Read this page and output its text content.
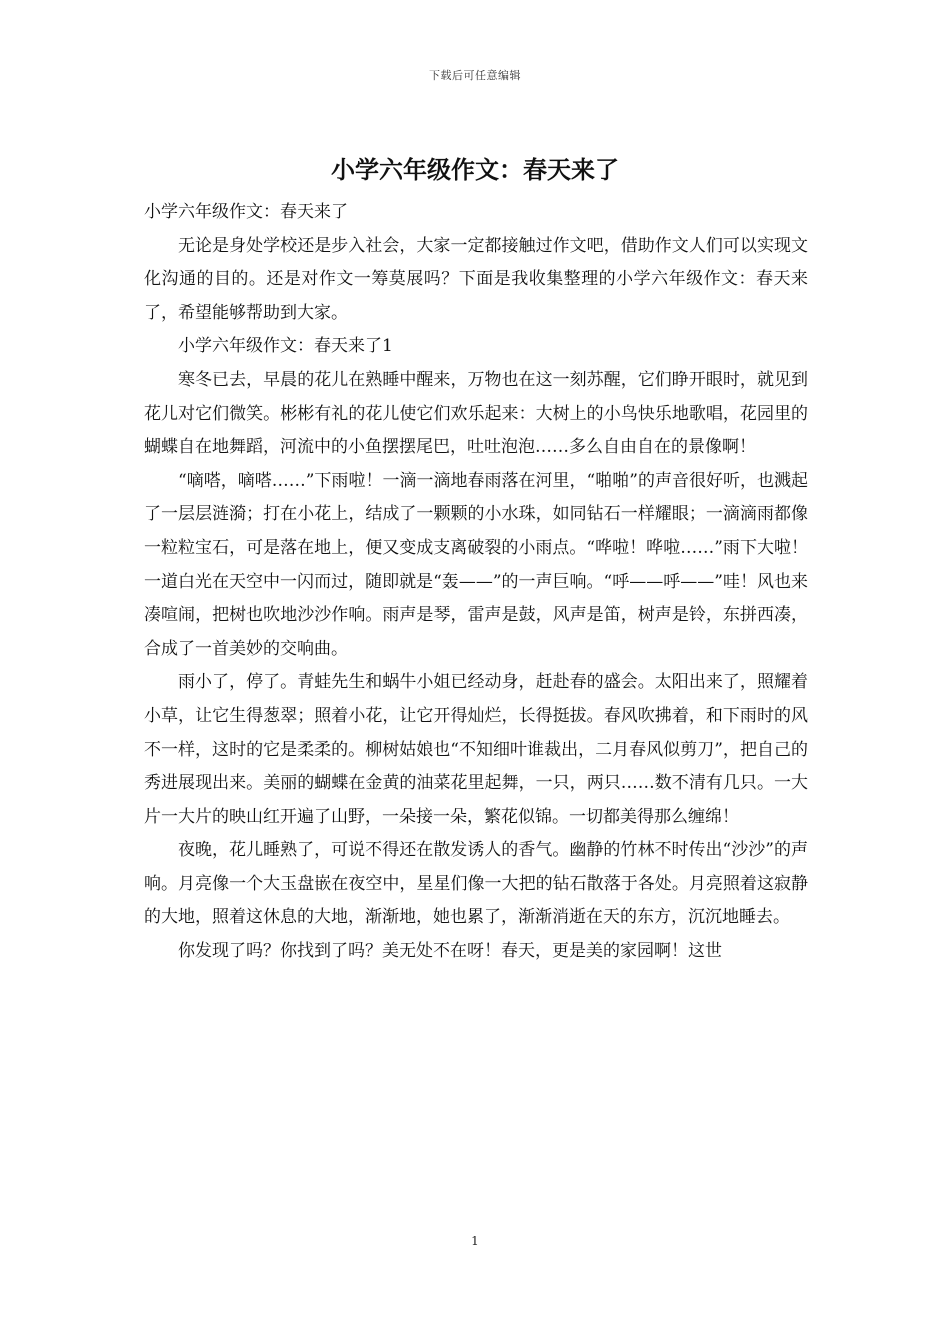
下载后可任意编辑
小学六年级作文：春天来了

小学六年级作文：春天来了

无论是身处学校还是步入社会，大家一定都接触过作文吧，借助作文人们可以实现文化沟通的目的。还是对作文一筹莫展吗？下面是我收集整理的小学六年级作文：春天来了，希望能够帮助到大家。

小学六年级作文：春天来了1

寒冬已去，早晨的花儿在熟睡中醒来，万物也在这一刻苏醒，它们睁开眼时，就见到花儿对它们微笑。彬彬有礼的花儿使它们欢乐起来：大树上的小鸟快乐地歌唱，花园里的蝴蝶自在地舞蹈，河流中的小鱼摆摆尾巴，吐吐泡泡……多么自由自在的景像啊！

“嘀嗒，嘀嗒……”下雨啦！一滴一滴地春雨落在河里，“啪啪”的声音很好听，也溅起了一层层涟漪；打在小花上，结成了一颗颗的小水珠，如同钻石一样耀眼；一滴滴雨都像一粒粒宝石，可是落在地上，便又变成支离破裂的小雨点。“哗啦！哗啦……”雨下大啦！一道白光在天空中一闪而过，随即就是“轰——”的一声巨响。“呼——呼——”哇！风也来凑喧闹，把树也吹地沙沙作响。雨声是琴，雷声是鼓，风声是笛，树声是铃，东拼西凑，合成了一首美妙的交响曲。

雨小了，停了。青蛙先生和蜗牛小姐已经动身，赶赴春的盛会。太阳出来了，照耀着小草，让它生得葱翠；照着小花，让它开得灿烂，长得挺拔。春风吹拂着，和下雨时的风不一样，这时的它是柔柔的。柳树姑娘也“不知细叶谁裁出，二月春风似剪刀”，把自己的秀进展现出来。美丽的蝴蝶在金黄的油菜花里起舞，一只，两只……数不清有几只。一大片一大片的映山红开遍了山野，一朵接一朵，繁花似锦。一切都美得那么缠绵！

夜晚，花儿睡熟了，可说不得还在散发诱人的香气。幽静的竹林不时传出“沙沙”的声响。月亮像一个大玉盘嵌在夜空中，星星们像一大把的钻石散落于各处。月亮照着这寂静的大地，照着这休息的大地，渐渐地，她也累了，渐渐消逝在天的东方，沉沉地睡去。

你发现了吗？你找到了吗？美无处不在呀！春天，更是美的家园啊！这世

1
